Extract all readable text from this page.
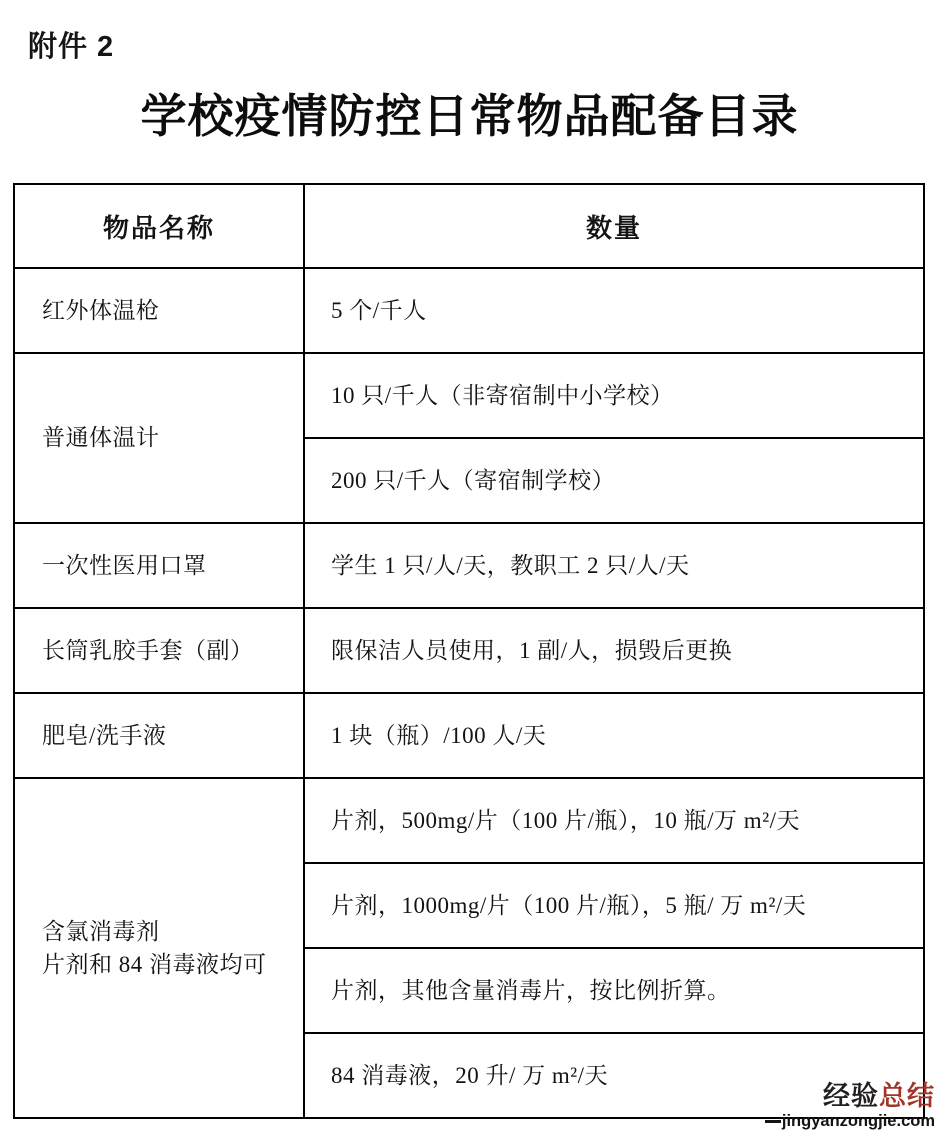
附件 2
学校疫情防控日常物品配备目录
物品名称	数量
红外体温枪	5 个/千人
普通体温计	10 只/千人（非寄宿制中小学校）
	200 只/千人（寄宿制学校）
一次性医用口罩	学生 1 只/人/天，教职工 2 只/人/天
长筒乳胶手套（副）	限保洁人员使用，1 副/人，损毁后更换
肥皂/洗手液	1 块（瓶）/100 人/天

含氯消毒剂
片剂和 84 消毒液均可	片剂，500mg/片（100 片/瓶），10 瓶/万 m²/天
	片剂，1000mg/片（100 片/瓶），5 瓶/ 万 m²/天
	片剂，其他含量消毒片，按比例折算。
	84 消毒液，20 升/ 万 m²/天
经验总结
jingyanzongjie.com
